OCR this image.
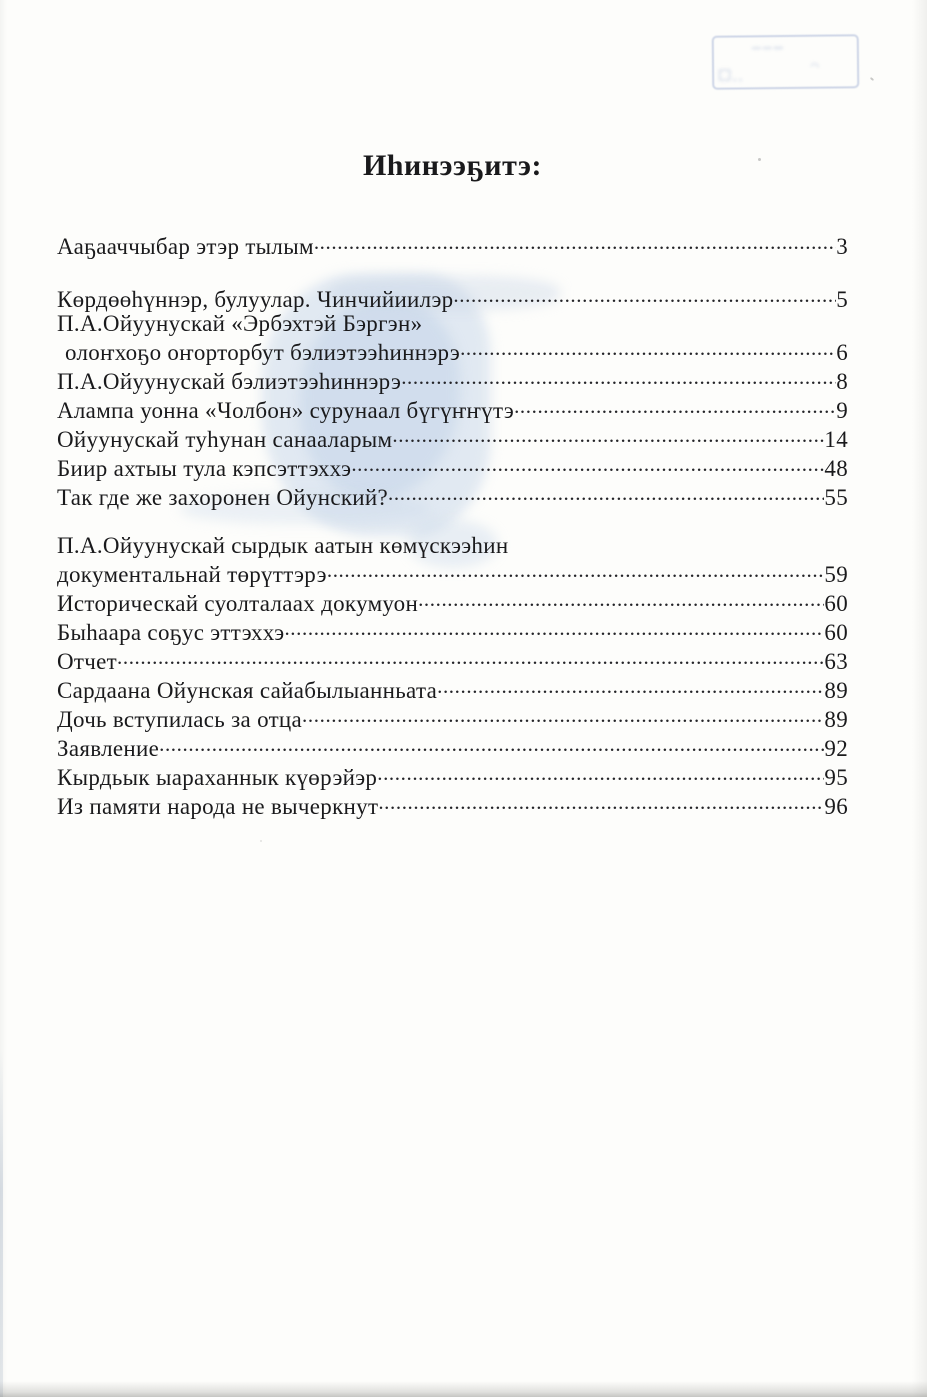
┄┄╌
□˯˰	ᐟᐠ
Иһинээҕитэ:
Ааҕааччыбар этэр тылым .....	3
Көрдөөһүннэр, булуулар. Чинчийиилэр .....	5
П.А.Ойуунускай «Эрбэхтэй Бэргэн»
олоҥхоҕо оҥорторбут бэлиэтээһиннэрэ .....	6
П.А.Ойуунускай бэлиэтээһиннэрэ .....	8
Алампа уонна «Чолбон» сурунаал бүгүҥҥүтэ .....	9
Ойуунускай туһунан санааларым .....	14
Биир ахтыы тула кэпсэттэххэ .....	48
Так где же захоронен Ойунский? .....	55
П.А.Ойуунускай сырдык аатын көмүскээһин
документальнай төрүттэрэ .....	59
Историческай суолталаах докумуон .....	60
Быһаара соҕус эттэххэ .....	60
Отчет .....	63
Сардаана Ойунская сайабылыанньата .....	89
Дочь вступилась за отца .....	89
Заявление .....	92
Кырдьык ыараханнык күөрэйэр .....	95
Из памяти народа не вычеркнут .....	96
